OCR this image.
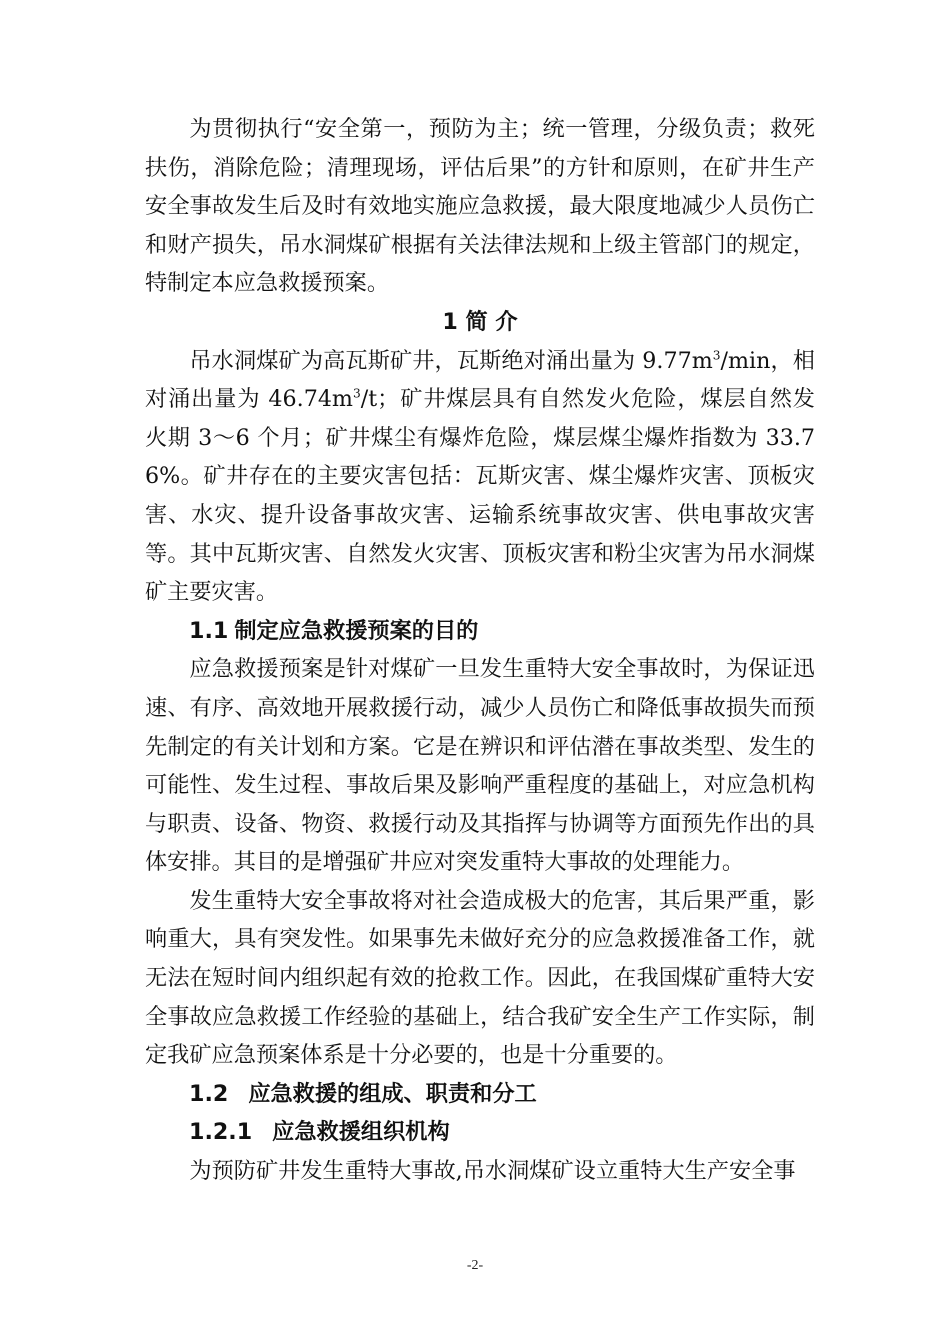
为贯彻执行“安全第一，预防为主；统一管理，分级负责；救死扶伤，消除危险；清理现场，评估后果”的方针和原则，在矿井生产安全事故发生后及时有效地实施应急救援，最大限度地减少人员伤亡和财产损失，吊水洞煤矿根据有关法律法规和上级主管部门的规定，特制定本应急救援预案。

1 简 介

吊水洞煤矿为高瓦斯矿井，瓦斯绝对涌出量为 $9.77m^3/\min$，相对涌出量为 $46.74m^3/t$；矿井煤层具有自然发火危险，煤层自然发火期 3～6 个月；矿井煤尘有爆炸危险，煤层煤尘爆炸指数为 33.76%。矿井存在的主要灾害包括：瓦斯灾害、煤尘爆炸灾害、顶板灾害、水灾、提升设备事故灾害、运输系统事故灾害、供电事故灾害等。其中瓦斯灾害、自然发火灾害、顶板灾害和粉尘灾害为吊水洞煤矿主要灾害。

1.1 制定应急救援预案的目的

应急救援预案是针对煤矿一旦发生重特大安全事故时，为保证迅速、有序、高效地开展救援行动，减少人员伤亡和降低事故损失而预先制定的有关计划和方案。它是在辨识和评估潜在事故类型、发生的可能性、发生过程、事故后果及影响严重程度的基础上，对应急机构与职责、设备、物资、救援行动及其指挥与协调等方面预先作出的具体安排。其目的是增强矿井应对突发重特大事故的处理能力。

发生重特大安全事故将对社会造成极大的危害，其后果严重，影响重大，具有突发性。如果事先未做好充分的应急救援准备工作，就无法在短时间内组织起有效的抢救工作。因此，在我国煤矿重特大安全事故应急救援工作经验的基础上，结合我矿安全生产工作实际，制定我矿应急预案体系是十分必要的，也是十分重要的。

1.2 应急救援的组成、职责和分工

1.2.1 应急救援组织机构

为预防矿井发生重特大事故,吊水洞煤矿设立重特大生产安全事

-2-
